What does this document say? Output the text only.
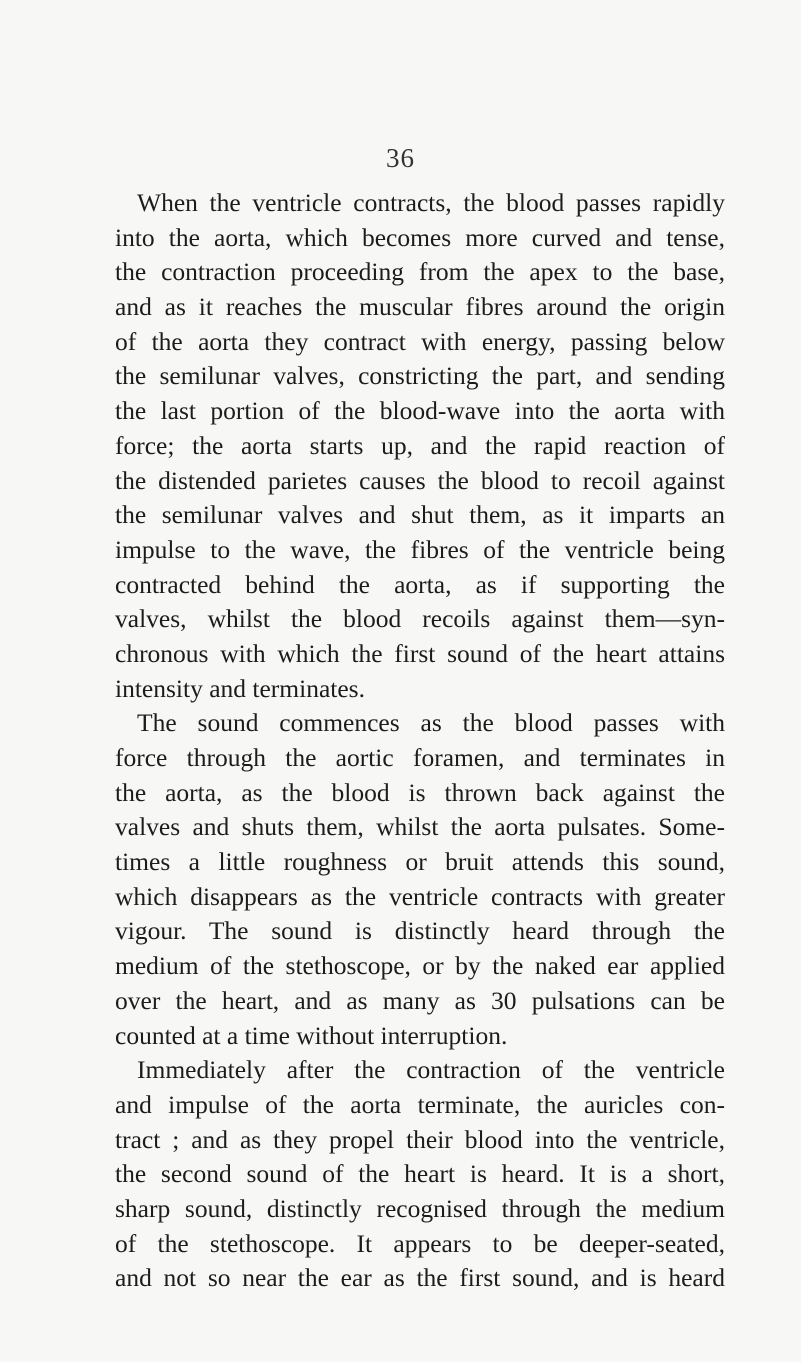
36
When the ventricle contracts, the blood passes rapidly
into the aorta, which becomes more curved and tense,
the contraction proceeding from the apex to the base,
and as it reaches the muscular fibres around the origin
of the aorta they contract with energy, passing below
the semilunar valves, constricting the part, and sending
the last portion of the blood-wave into the aorta with
force; the aorta starts up, and the rapid reaction of
the distended parietes causes the blood to recoil against
the semilunar valves and shut them, as it imparts an
impulse to the wave, the fibres of the ventricle being
contracted behind the aorta, as if supporting the
valves, whilst the blood recoils against them—syn-
chronous with which the first sound of the heart attains
intensity and terminates.
The sound commences as the blood passes with
force through the aortic foramen, and terminates in
the aorta, as the blood is thrown back against the
valves and shuts them, whilst the aorta pulsates. Some-
times a little roughness or bruit attends this sound,
which disappears as the ventricle contracts with greater
vigour. The sound is distinctly heard through the
medium of the stethoscope, or by the naked ear applied
over the heart, and as many as 30 pulsations can be
counted at a time without interruption.
Immediately after the contraction of the ventricle
and impulse of the aorta terminate, the auricles con-
tract ; and as they propel their blood into the ventricle,
the second sound of the heart is heard. It is a short,
sharp sound, distinctly recognised through the medium
of the stethoscope. It appears to be deeper-seated,
and not so near the ear as the first sound, and is heard
